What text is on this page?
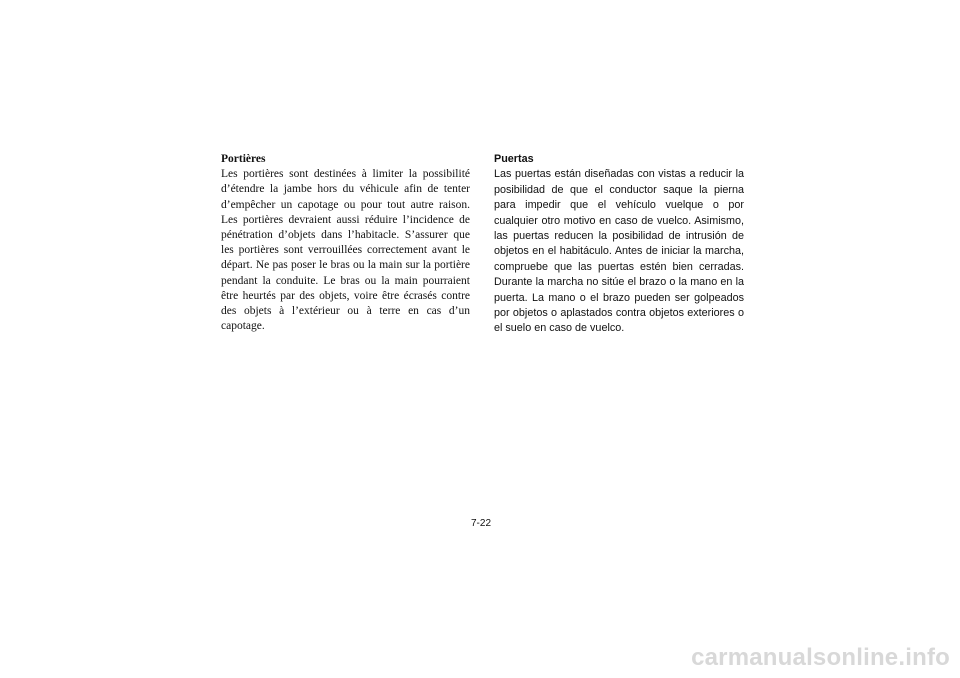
Portières

Les portières sont destinées à limiter la possibilité d’étendre la jambe hors du véhicule afin de tenter d’empêcher un capotage ou pour tout autre raison. Les portières devraient aussi réduire l’incidence de pénétration d’objets dans l’habitacle. S’assurer que les portières sont verrouillées correctement avant le départ. Ne pas poser le bras ou la main sur la portière pendant la conduite. Le bras ou la main pourraient être heurtés par des objets, voire être écrasés contre des objets à l’extérieur ou à terre en cas d’un capotage.

Puertas

Las puertas están diseñadas con vistas a reducir la posibilidad de que el conductor saque la pierna para impedir que el vehículo vuelque o por cualquier otro motivo en caso de vuelco. Asimismo, las puertas reducen la posibilidad de intrusión de objetos en el habitáculo. Antes de iniciar la marcha, compruebe que las puertas estén bien cerradas. Durante la marcha no sitúe el brazo o la mano en la puerta. La mano o el brazo pueden ser golpeados por objetos o aplastados contra objetos exteriores o el suelo en caso de vuelco.

7-22
carmanualsonline.info
